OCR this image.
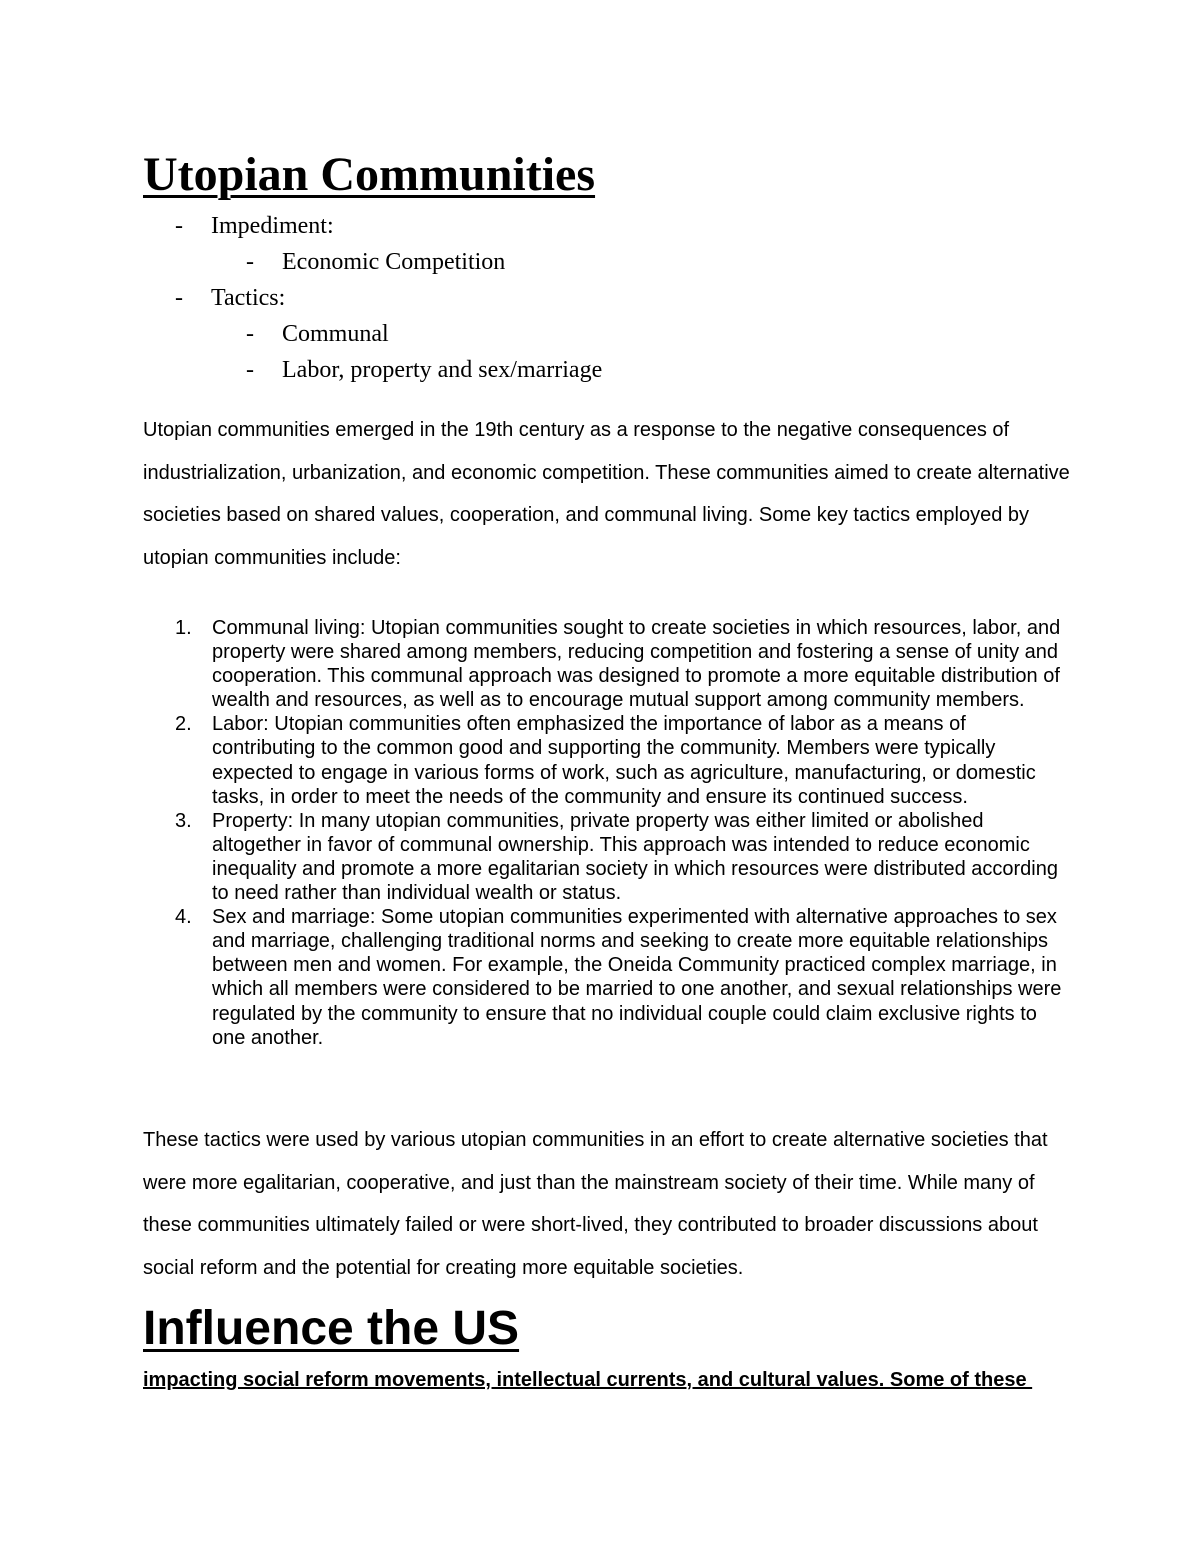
Utopian Communities
- Impediment:
- Economic Competition
- Tactics:
- Communal
- Labor, property and sex/marriage

Utopian communities emerged in the 19th century as a response to the negative consequences of industrialization, urbanization, and economic competition. These communities aimed to create alternative societies based on shared values, cooperation, and communal living. Some key tactics employed by utopian communities include:

1. Communal living: Utopian communities sought to create societies in which resources, labor, and property were shared among members, reducing competition and fostering a sense of unity and cooperation. This communal approach was designed to promote a more equitable distribution of wealth and resources, as well as to encourage mutual support among community members.
2. Labor: Utopian communities often emphasized the importance of labor as a means of contributing to the common good and supporting the community. Members were typically expected to engage in various forms of work, such as agriculture, manufacturing, or domestic tasks, in order to meet the needs of the community and ensure its continued success.
3. Property: In many utopian communities, private property was either limited or abolished altogether in favor of communal ownership. This approach was intended to reduce economic inequality and promote a more egalitarian society in which resources were distributed according to need rather than individual wealth or status.
4. Sex and marriage: Some utopian communities experimented with alternative approaches to sex and marriage, challenging traditional norms and seeking to create more equitable relationships between men and women. For example, the Oneida Community practiced complex marriage, in which all members were considered to be married to one another, and sexual relationships were regulated by the community to ensure that no individual couple could claim exclusive rights to one another.

These tactics were used by various utopian communities in an effort to create alternative societies that were more egalitarian, cooperative, and just than the mainstream society of their time. While many of these communities ultimately failed or were short-lived, they contributed to broader discussions about social reform and the potential for creating more equitable societies.

Influence the US

impacting social reform movements, intellectual currents, and cultural values. Some of these
